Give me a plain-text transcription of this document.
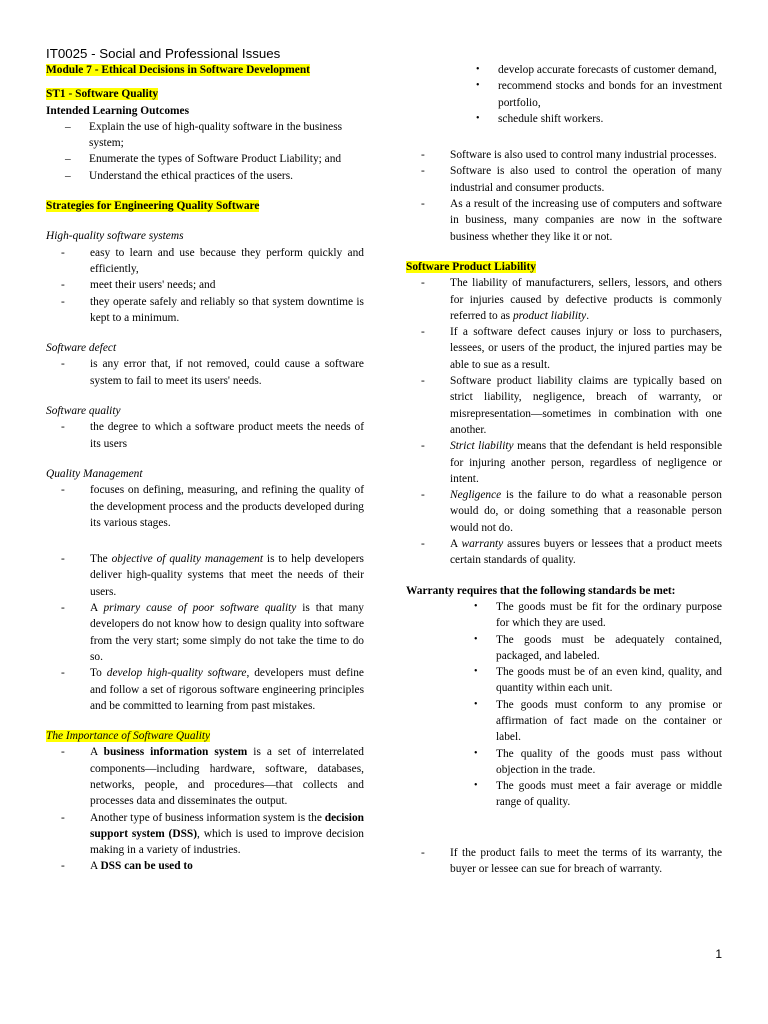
IT0025 - Social and Professional Issues

Module 7 - Ethical Decisions in Software Development

ST1 - Software Quality

Intended Learning Outcomes

– Explain the use of high-quality software in the business system;
– Enumerate the types of Software Product Liability; and
– Understand the ethical practices of the users.

Strategies for Engineering Quality Software

High-quality software systems

- easy to learn and use because they perform quickly and efficiently,
- meet their users' needs; and
- they operate safely and reliably so that system downtime is kept to a minimum.

Software defect

- is any error that, if not removed, could cause a software system to fail to meet its users' needs.

Software quality

- the degree to which a software product meets the needs of its users

Quality Management

- focuses on defining, measuring, and refining the quality of the development process and the products developed during its various stages.
- The objective of quality management is to help developers deliver high-quality systems that meet the needs of their users.
- A primary cause of poor software quality is that many developers do not know how to design quality into software from the very start; some simply do not take the time to do so.
- To develop high-quality software, developers must define and follow a set of rigorous software engineering principles and be committed to learning from past mistakes.

The Importance of Software Quality

- A business information system is a set of interrelated components—including hardware, software, databases, networks, people, and procedures—that collects and processes data and disseminates the output.
- Another type of business information system is the decision support system (DSS), which is used to improve decision making in a variety of industries.
- A DSS can be used to
• develop accurate forecasts of customer demand,
• recommend stocks and bonds for an investment portfolio,
• schedule shift workers.
- Software is also used to control many industrial processes.
- Software is also used to control the operation of many industrial and consumer products.
- As a result of the increasing use of computers and software in business, many companies are now in the software business whether they like it or not.

Software Product Liability

- The liability of manufacturers, sellers, lessors, and others for injuries caused by defective products is commonly referred to as product liability.
- If a software defect causes injury or loss to purchasers, lessees, or users of the product, the injured parties may be able to sue as a result.
- Software product liability claims are typically based on strict liability, negligence, breach of warranty, or misrepresentation—sometimes in combination with one another.
- Strict liability means that the defendant is held responsible for injuring another person, regardless of negligence or intent.
- Negligence is the failure to do what a reasonable person would do, or doing something that a reasonable person would not do.
- A warranty assures buyers or lessees that a product meets certain standards of quality.

Warranty requires that the following standards be met:

• The goods must be fit for the ordinary purpose for which they are used.
• The goods must be adequately contained, packaged, and labeled.
• The goods must be of an even kind, quality, and quantity within each unit.
• The goods must conform to any promise or affirmation of fact made on the container or label.
• The quality of the goods must pass without objection in the trade.
• The goods must meet a fair average or middle range of quality.
- If the product fails to meet the terms of its warranty, the buyer or lessee can sue for breach of warranty.
1
